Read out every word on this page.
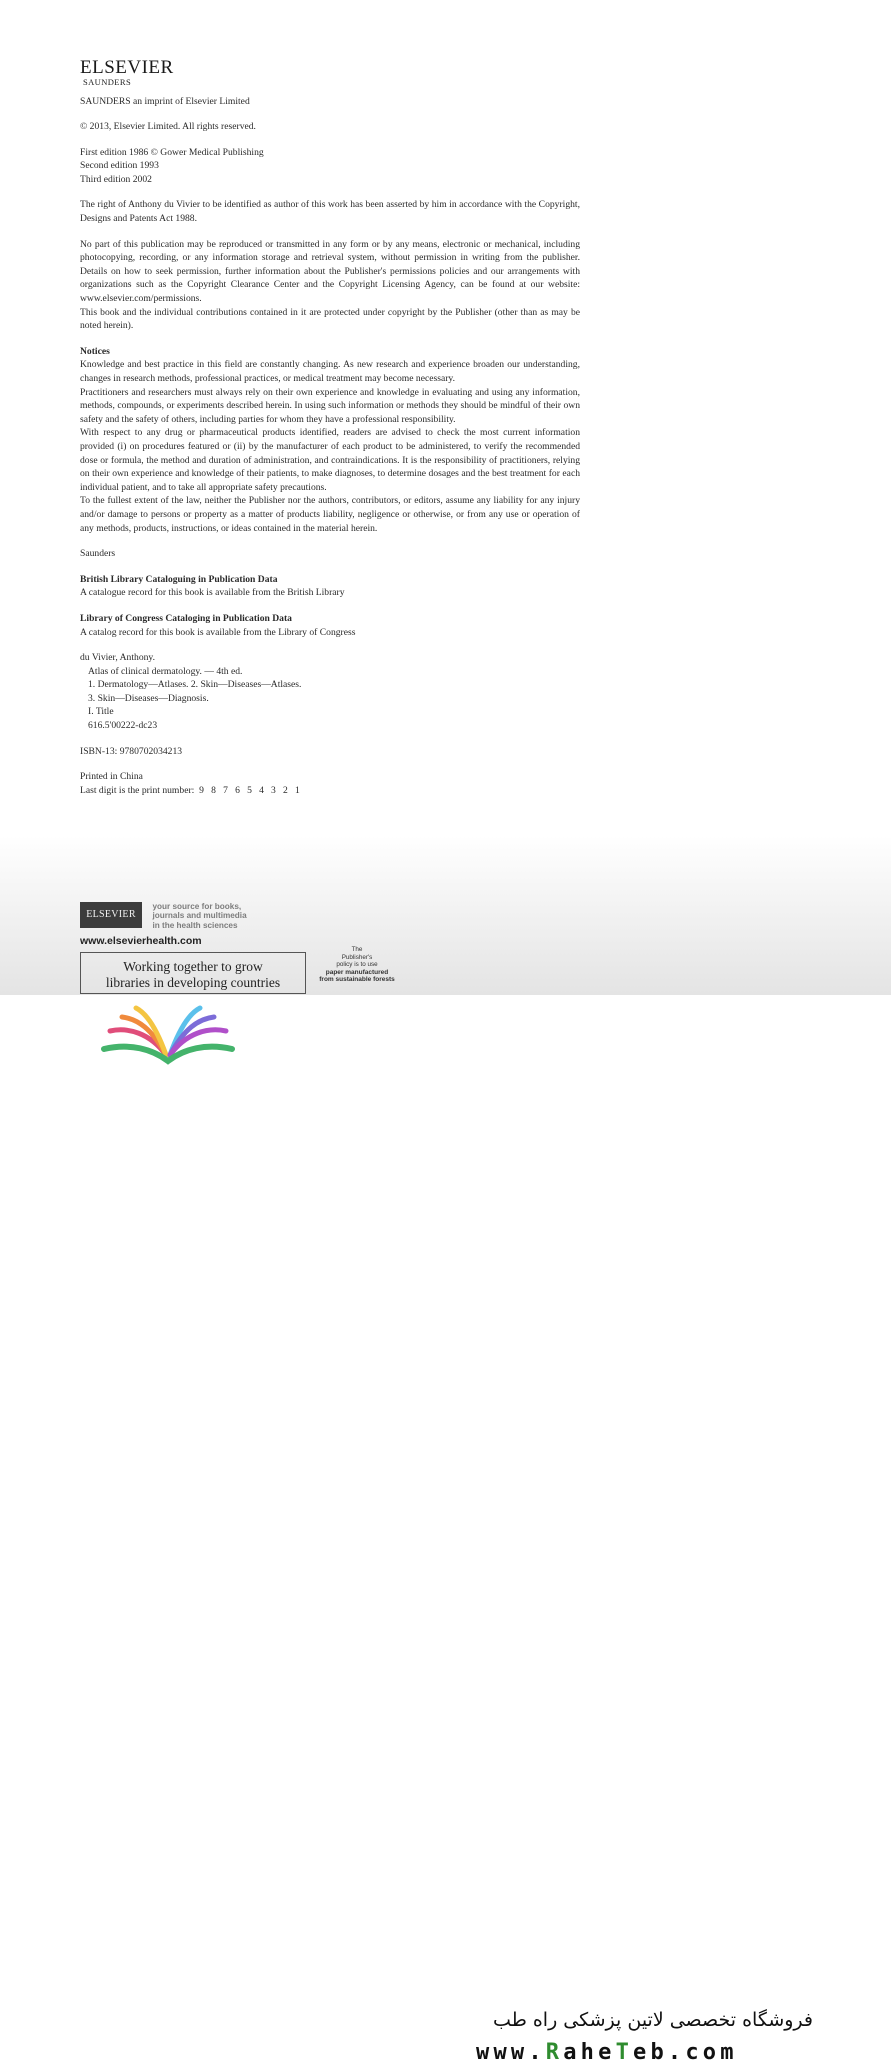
ELSEVIER
SAUNDERS

SAUNDERS an imprint of Elsevier Limited

© 2013, Elsevier Limited. All rights reserved.

First edition 1986 © Gower Medical Publishing
Second edition 1993
Third edition 2002

The right of Anthony du Vivier to be identified as author of this work has been asserted by him in accordance with the Copyright, Designs and Patents Act 1988.

No part of this publication may be reproduced or transmitted in any form or by any means, electronic or mechanical, including photocopying, recording, or any information storage and retrieval system, without permission in writing from the publisher. Details on how to seek permission, further information about the Publisher's permissions policies and our arrangements with organizations such as the Copyright Clearance Center and the Copyright Licensing Agency, can be found at our website: www.elsevier.com/permissions.

This book and the individual contributions contained in it are protected under copyright by the Publisher (other than as may be noted herein).

Notices

Knowledge and best practice in this field are constantly changing. As new research and experience broaden our understanding, changes in research methods, professional practices, or medical treatment may become necessary.

Practitioners and researchers must always rely on their own experience and knowledge in evaluating and using any information, methods, compounds, or experiments described herein. In using such information or methods they should be mindful of their own safety and the safety of others, including parties for whom they have a professional responsibility.

With respect to any drug or pharmaceutical products identified, readers are advised to check the most current information provided (i) on procedures featured or (ii) by the manufacturer of each product to be administered, to verify the recommended dose or formula, the method and duration of administration, and contraindications. It is the responsibility of practitioners, relying on their own experience and knowledge of their patients, to make diagnoses, to determine dosages and the best treatment for each individual patient, and to take all appropriate safety precautions.

To the fullest extent of the law, neither the Publisher nor the authors, contributors, or editors, assume any liability for any injury and/or damage to persons or property as a matter of products liability, negligence or otherwise, or from any use or operation of any methods, products, instructions, or ideas contained in the material herein.

Saunders

British Library Cataloguing in Publication Data
A catalogue record for this book is available from the British Library
Library of Congress Cataloging in Publication Data
A catalog record for this book is available from the Library of Congress
du Vivier, Anthony.
Atlas of clinical dermatology. — 4th ed.
1. Dermatology—Atlases. 2. Skin—Diseases—Atlases.
3. Skin—Diseases—Diagnosis.
I. Title
616.5'00222-dc23

ISBN-13: 9780702034213

Printed in China
Last digit is the print number:  9   8   7   6   5   4   3   2   1
ELSEVIER
your source for books,
journals and multimedia
in the health sciences
www.elsevierhealth.com
Working together to grow
libraries in developing countries
The
Publisher's
policy is to use
paper manufactured
from sustainable forests
فروشگاه تخصصی لاتین پزشکی راه طب
www.RaheTeb.com
